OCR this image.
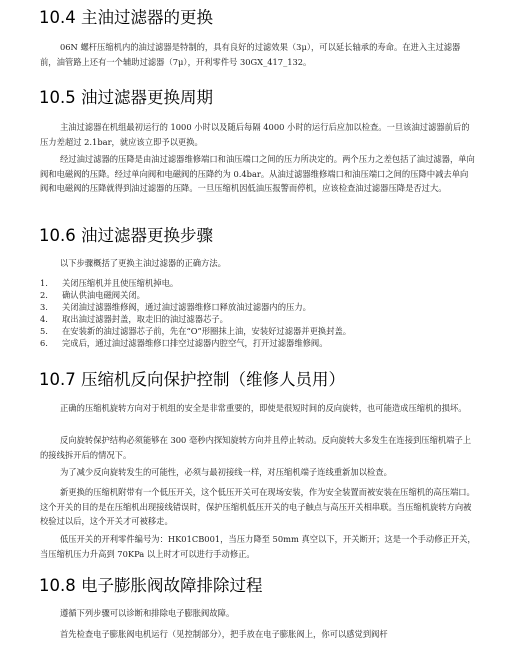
10.4 主油过滤器的更换

06N 螺杆压缩机内的油过滤器是特制的，具有良好的过滤效果（3μ），可以延长轴承的寿命。在进入主过滤器前，油管路上还有一个辅助过滤器（7μ），开利零件号 30GX_417_132。

10.5 油过滤器更换周期

主油过滤器在机组最初运行的 1000 小时以及随后每隔 4000 小时的运行后应加以检查。一旦该油过滤器前后的压力差超过 2.1bar，就应该立即予以更换。

经过油过滤器的压降是由油过滤器维修端口和油压端口之间的压力所决定的。两个压力之差包括了油过滤器，单向阀和电磁阀的压降。经过单向阀和电磁阀的压降约为 0.4bar。从油过滤器维修端口和油压端口之间的压降中减去单向阀和电磁阀的压降就得到油过滤器的压降。一旦压缩机因低油压报警而停机，应该检查油过滤器压降是否过大。

10.6 油过滤器更换步骤

以下步骤概括了更换主油过滤器的正确方法。

1. 关闭压缩机并且使压缩机掉电。
2. 确认供油电磁阀关闭。
3. 关闭油过滤器维修阀，通过油过滤器维修口释放油过滤器内的压力。
4. 取出油过滤器封盖，取走旧的油过滤器芯子。
5. 在安装新的油过滤器芯子前，先在“O”形圈抹上油，安装好过滤器并更换封盖。
6. 完成后，通过油过滤器维修口排空过滤器内腔空气，打开过滤器维修阀。
10.7 压缩机反向保护控制（维修人员用）

正确的压缩机旋转方向对于机组的安全是非常重要的，即使是很短时间的反向旋转，也可能造成压缩机的损坏。

反向旋转保护结构必须能够在 300 毫秒内探知旋转方向并且停止转动。反向旋转大多发生在连接到压缩机端子上的接线拆开后的情况下。

为了减少反向旋转发生的可能性，必须与最初接线一样，对压缩机端子连线重新加以检查。

新更换的压缩机附带有一个低压开关，这个低压开关可在现场安装，作为安全装置而被安装在压缩机的高压端口。这个开关的目的是在压缩机出现接线错误时，保护压缩机低压开关的电子触点与高压开关相串联。当压缩机旋转方向被校验过以后，这个开关才可被移走。

低压开关的开利零件编号为：HK01CB001，当压力降至 50mm 真空以下，开关断开；这是一个手动修正开关，当压缩机压力升高到 70KPa 以上时才可以进行手动修正。

10.8 电子膨胀阀故障排除过程

遵循下列步骤可以诊断和排除电子膨胀阀故障。

首先检查电子膨胀阀电机运行（见控制部分），把手放在电子膨胀阀上，你可以感觉到阀杆
